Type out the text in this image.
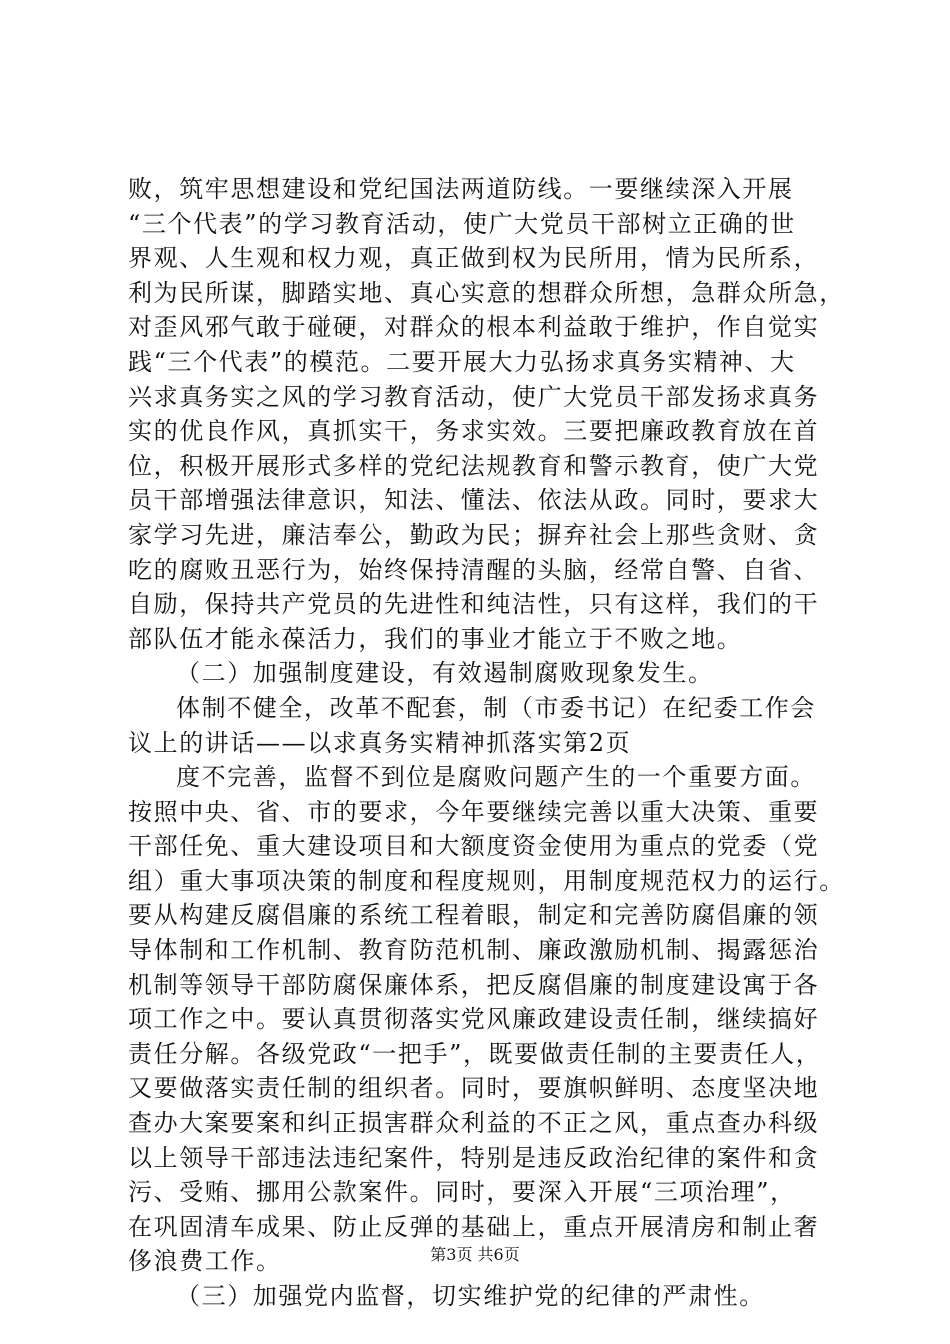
败，筑牢思想建设和党纪国法两道防线。一要继续深入开展
“三个代表”的学习教育活动，使广大党员干部树立正确的世
界观、人生观和权力观，真正做到权为民所用，情为民所系，
利为民所谋，脚踏实地、真心实意的想群众所想，急群众所急，
对歪风邪气敢于碰硬，对群众的根本利益敢于维护，作自觉实
践“三个代表”的模范。二要开展大力弘扬求真务实精神、大
兴求真务实之风的学习教育活动，使广大党员干部发扬求真务
实的优良作风，真抓实干，务求实效。三要把廉政教育放在首
位，积极开展形式多样的党纪法规教育和警示教育，使广大党
员干部增强法律意识，知法、懂法、依法从政。同时，要求大
家学习先进，廉洁奉公，勤政为民；摒弃社会上那些贪财、贪
吃的腐败丑恶行为，始终保持清醒的头脑，经常自警、自省、
自励，保持共产党员的先进性和纯洁性，只有这样，我们的干
部队伍才能永葆活力，我们的事业才能立于不败之地。
（二）加强制度建设，有效遏制腐败现象发生。
体制不健全，改革不配套，制（市委书记）在纪委工作会
议上的讲话——以求真务实精神抓落实第2页
度不完善，监督不到位是腐败问题产生的一个重要方面。
按照中央、省、市的要求，今年要继续完善以重大决策、重要
干部任免、重大建设项目和大额度资金使用为重点的党委（党
组）重大事项决策的制度和程度规则，用制度规范权力的运行。
要从构建反腐倡廉的系统工程着眼，制定和完善防腐倡廉的领
导体制和工作机制、教育防范机制、廉政激励机制、揭露惩治
机制等领导干部防腐保廉体系，把反腐倡廉的制度建设寓于各
项工作之中。要认真贯彻落实党风廉政建设责任制，继续搞好
责任分解。各级党政“一把手”，既要做责任制的主要责任人，
又要做落实责任制的组织者。同时，要旗帜鲜明、态度坚决地
查办大案要案和纠正损害群众利益的不正之风，重点查办科级
以上领导干部违法违纪案件，特别是违反政治纪律的案件和贪
污、受贿、挪用公款案件。同时，要深入开展“三项治理”，
在巩固清车成果、防止反弹的基础上，重点开展清房和制止奢
侈浪费工作。
（三）加强党内监督，切实维护党的纪律的严肃性。
第3页 共6页
